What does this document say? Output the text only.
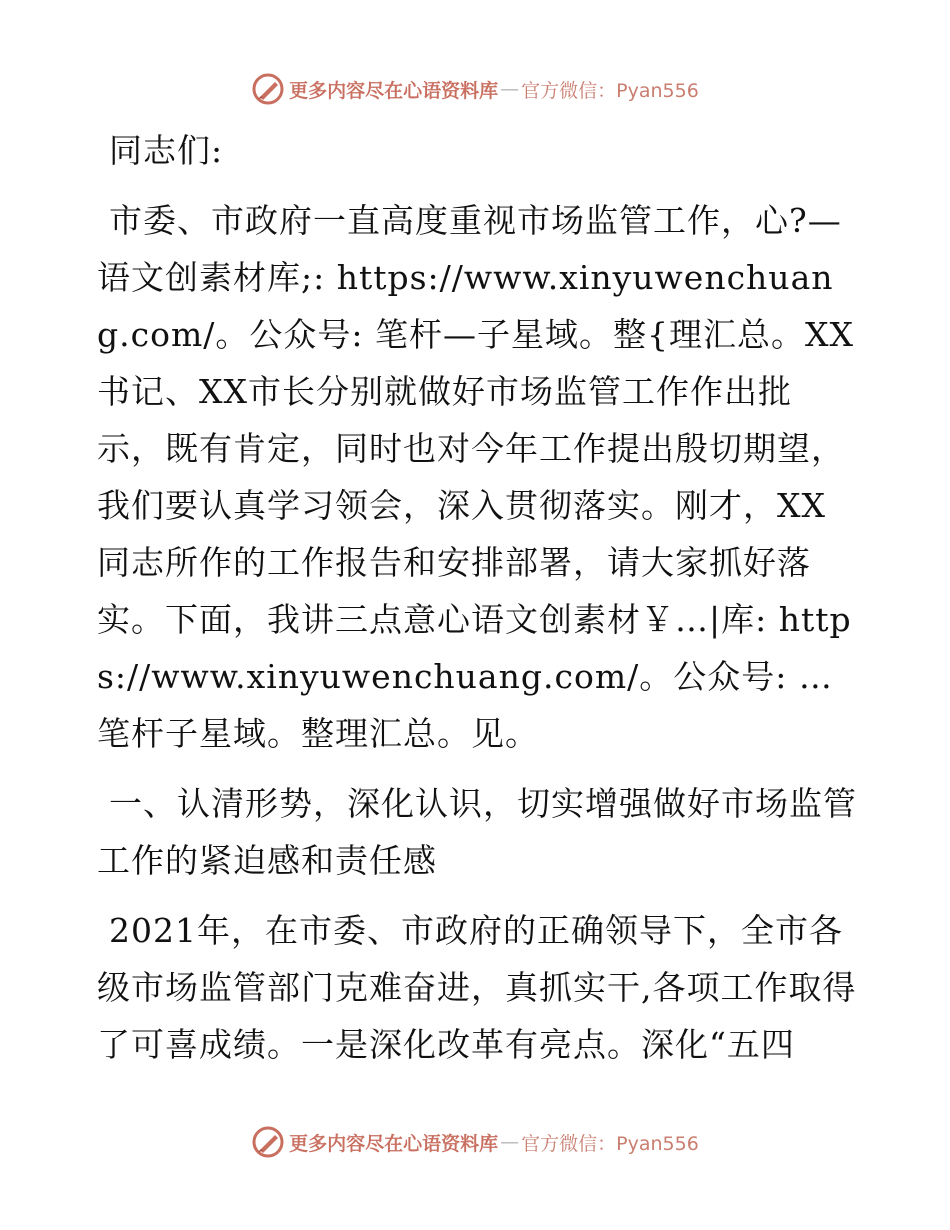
更多内容尽在心语资料库 — 官方微信：Pyan556

同志们:

市委、市政府一直高度重视市场监管工作，心?—语文创素材库;: https://www.xinyuwenchuang.com/。公众号: 笔杆—子星域。整{理汇总。XX书记、XX市长分别就做好市场监管工作作出批示，既有肯定，同时也对今年工作提出殷切期望，我们要认真学习领会，深入贯彻落实。刚才，XX同志所作的工作报告和安排部署，请大家抓好落实。下面，我讲三点意心语文创素材￥…|库: https://www.xinyuwenchuang.com/。公众号: …笔杆子星域。整理汇总。见。

一、认清形势，深化认识，切实增强做好市场监管工作的紧迫感和责任感

2021年，在市委、市政府的正确领导下，全市各级市场监管部门克难奋进，真抓实干,各项工作取得了可喜成绩。一是深化改革有亮点。深化“五四

更多内容尽在心语资料库 — 官方微信：Pyan556
